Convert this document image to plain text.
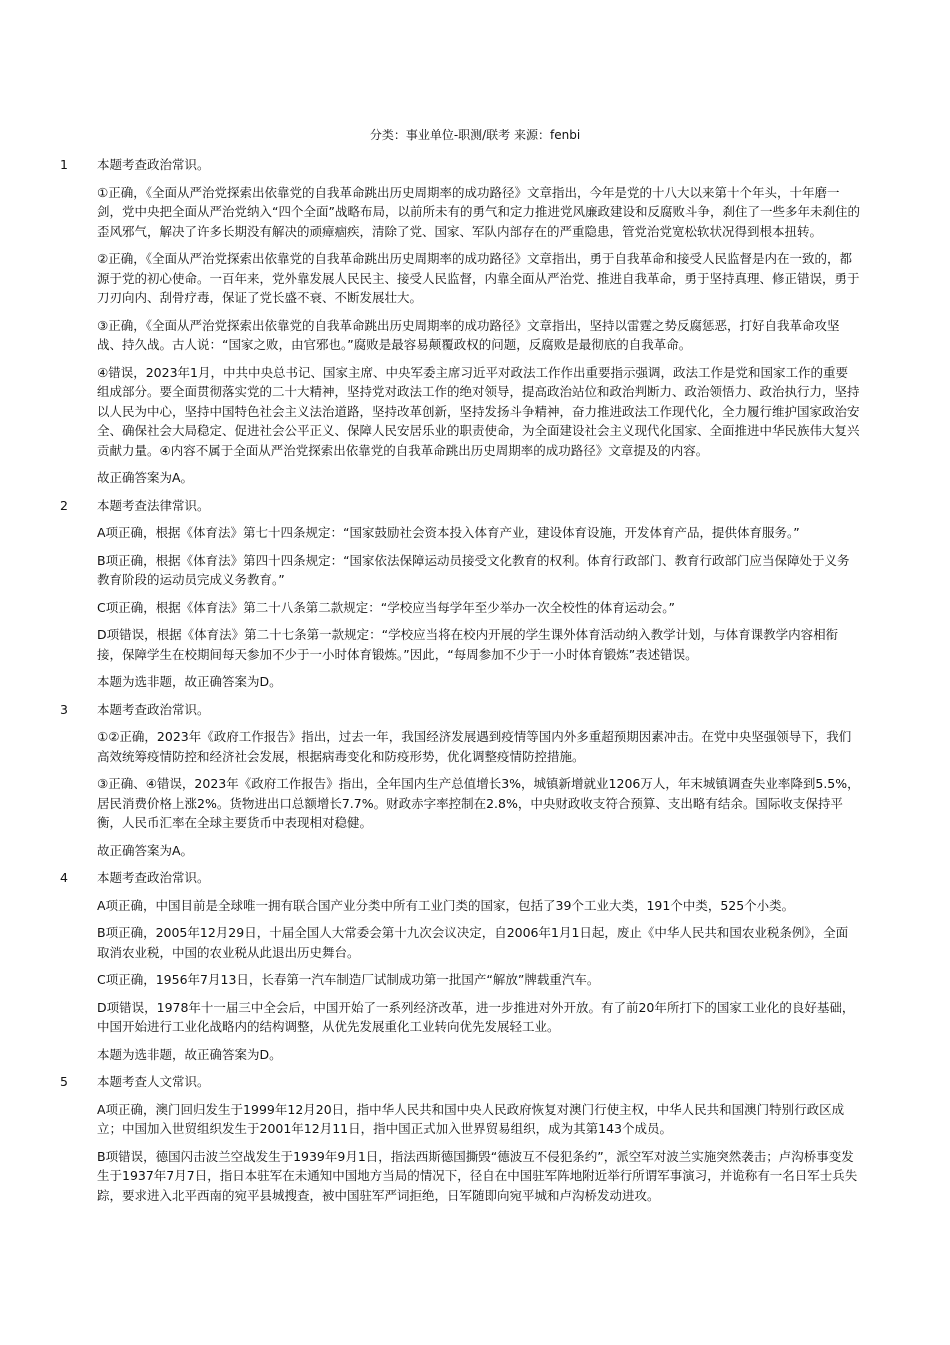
分类：事业单位-职测/联考 来源：fenbi
1	本题考查政治常识。

①正确，《全面从严治党探索出依靠党的自我革命跳出历史周期率的成功路径》文章指出，今年是党的十八大以来第十个年头，十年磨一剑，党中央把全面从严治党纳入“四个全面”战略布局，以前所未有的勇气和定力推进党风廉政建设和反腐败斗争，刹住了一些多年未刹住的歪风邪气，解决了许多长期没有解决的顽瘴痼疾，清除了党、国家、军队内部存在的严重隐患，管党治党宽松软状况得到根本扭转。

②正确，《全面从严治党探索出依靠党的自我革命跳出历史周期率的成功路径》文章指出，勇于自我革命和接受人民监督是内在一致的，都源于党的初心使命。一百年来，党外靠发展人民民主、接受人民监督，内靠全面从严治党、推进自我革命，勇于坚持真理、修正错误，勇于刀刃向内、刮骨疗毒，保证了党长盛不衰、不断发展壮大。

③正确，《全面从严治党探索出依靠党的自我革命跳出历史周期率的成功路径》文章指出，坚持以雷霆之势反腐惩恶，打好自我革命攻坚战、持久战。古人说：“国家之败，由官邪也。”腐败是最容易颠覆政权的问题，反腐败是最彻底的自我革命。

④错误，2023年1月，中共中央总书记、国家主席、中央军委主席习近平对政法工作作出重要指示强调，政法工作是党和国家工作的重要组成部分。要全面贯彻落实党的二十大精神，坚持党对政法工作的绝对领导，提高政治站位和政治判断力、政治领悟力、政治执行力，坚持以人民为中心，坚持中国特色社会主义法治道路，坚持改革创新，坚持发扬斗争精神，奋力推进政法工作现代化，全力履行维护国家政治安全、确保社会大局稳定、促进社会公平正义、保障人民安居乐业的职责使命，为全面建设社会主义现代化国家、全面推进中华民族伟大复兴贡献力量。④内容不属于全面从严治党探索出依靠党的自我革命跳出历史周期率的成功路径》文章提及的内容。

故正确答案为A。

2	本题考查法律常识。

A项正确，根据《体育法》第七十四条规定：“国家鼓励社会资本投入体育产业，建设体育设施，开发体育产品，提供体育服务。”

B项正确，根据《体育法》第四十四条规定：“国家依法保障运动员接受文化教育的权利。体育行政部门、教育行政部门应当保障处于义务教育阶段的运动员完成义务教育。”

C项正确，根据《体育法》第二十八条第二款规定：“学校应当每学年至少举办一次全校性的体育运动会。”

D项错误，根据《体育法》第二十七条第一款规定：“学校应当将在校内开展的学生课外体育活动纳入教学计划，与体育课教学内容相衔接，保障学生在校期间每天参加不少于一小时体育锻炼。”因此，“每周参加不少于一小时体育锻炼”表述错误。

本题为选非题，故正确答案为D。

3	本题考查政治常识。

①②正确，2023年《政府工作报告》指出，过去一年，我国经济发展遇到疫情等国内外多重超预期因素冲击。在党中央坚强领导下，我们高效统筹疫情防控和经济社会发展，根据病毒变化和防疫形势，优化调整疫情防控措施。

③正确、④错误，2023年《政府工作报告》指出，全年国内生产总值增长3%，城镇新增就业1206万人，年末城镇调查失业率降到5.5%，居民消费价格上涨2%。货物进出口总额增长7.7%。财政赤字率控制在2.8%，中央财政收支符合预算、支出略有结余。国际收支保持平衡，人民币汇率在全球主要货币中表现相对稳健。

故正确答案为A。

4	本题考查政治常识。

A项正确，中国目前是全球唯一拥有联合国产业分类中所有工业门类的国家，包括了39个工业大类，191个中类，525个小类。

B项正确，2005年12月29日，十届全国人大常委会第十九次会议决定，自2006年1月1日起，废止《中华人民共和国农业税条例》，全面取消农业税，中国的农业税从此退出历史舞台。

C项正确，1956年7月13日，长春第一汽车制造厂试制成功第一批国产“解放”牌载重汽车。

D项错误，1978年十一届三中全会后，中国开始了一系列经济改革，进一步推进对外开放。有了前20年所打下的国家工业化的良好基础，中国开始进行工业化战略内的结构调整，从优先发展重化工业转向优先发展轻工业。

本题为选非题，故正确答案为D。

5	本题考查人文常识。

A项正确，澳门回归发生于1999年12月20日，指中华人民共和国中央人民政府恢复对澳门行使主权，中华人民共和国澳门特别行政区成立；中国加入世贸组织发生于2001年12月11日，指中国正式加入世界贸易组织，成为其第143个成员。

B项错误，德国闪击波兰空战发生于1939年9月1日，指法西斯德国撕毁“德波互不侵犯条约”，派空军对波兰实施突然袭击；卢沟桥事变发生于1937年7月7日，指日本驻军在未通知中国地方当局的情况下，径自在中国驻军阵地附近举行所谓军事演习，并诡称有一名日军士兵失踪，要求进入北平西南的宛平县城搜查，被中国驻军严词拒绝，日军随即向宛平城和卢沟桥发动进攻。
